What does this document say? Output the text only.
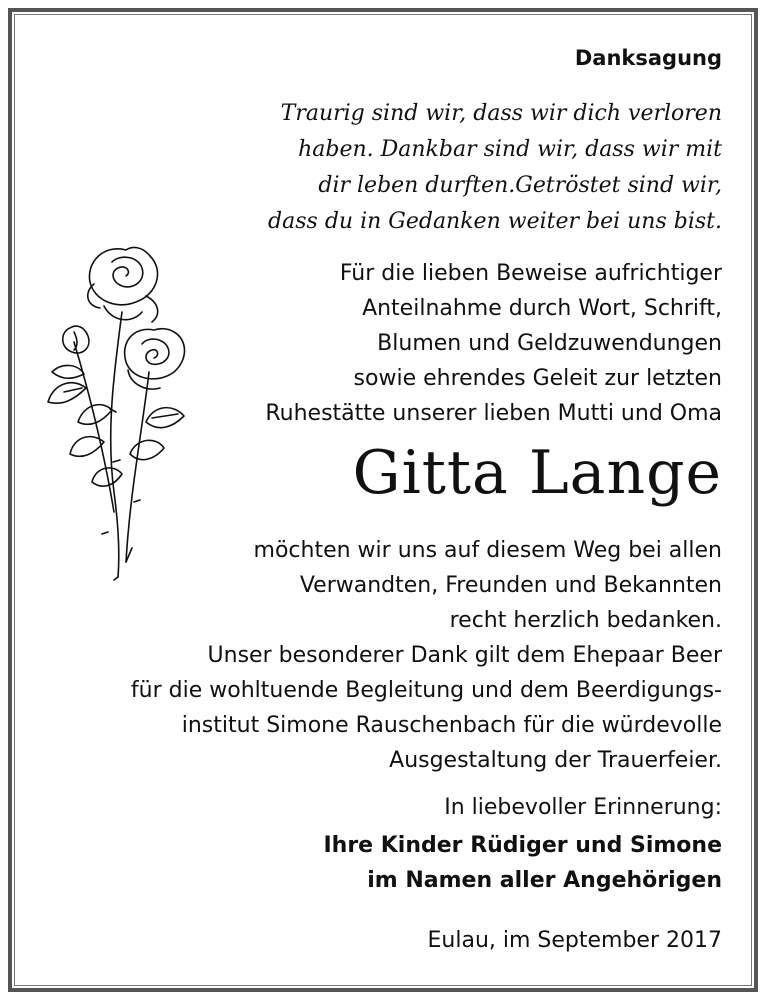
Danksagung
Traurig sind wir, dass wir dich verloren
haben. Dankbar sind wir, dass wir mit
dir leben durften.Getröstet sind wir,
dass du in Gedanken weiter bei uns bist.
Für die lieben Beweise aufrichtiger
Anteilnahme durch Wort, Schrift,
Blumen und Geldzuwendungen
sowie ehrendes Geleit zur letzten
Ruhestätte unserer lieben Mutti und Oma
Gitta Lange
möchten wir uns auf diesem Weg bei allen
Verwandten, Freunden und Bekannten
recht herzlich bedanken.
Unser besonderer Dank gilt dem Ehepaar Beer
für die wohltuende Begleitung und dem Beerdigungs-
institut Simone Rauschenbach für die würdevolle
Ausgestaltung der Trauerfeier.
In liebevoller Erinnerung:
Ihre Kinder Rüdiger und Simone
im Namen aller Angehörigen
Eulau, im September 2017
